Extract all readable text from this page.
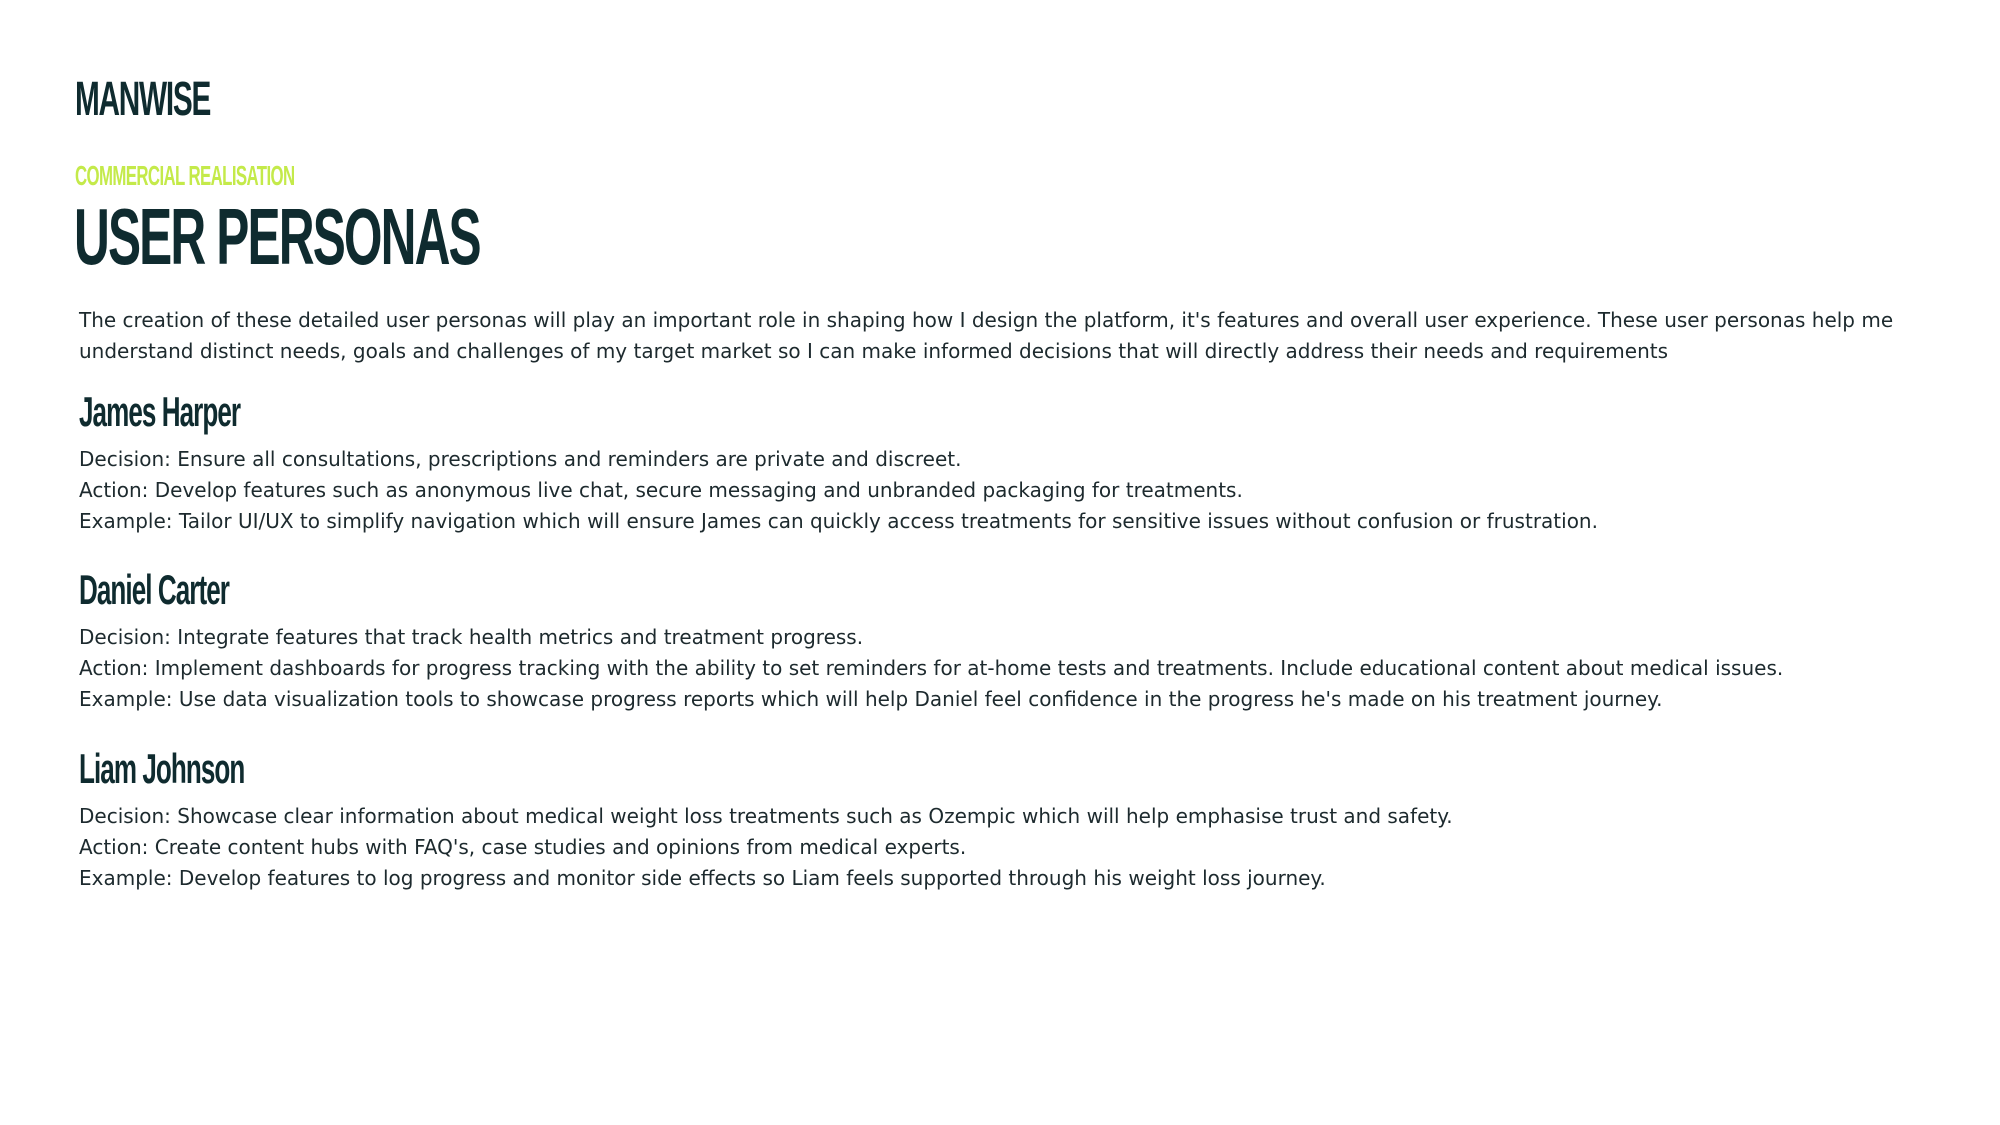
MANWISE
COMMERCIAL REALISATION
USER PERSONAS

The creation of these detailed user personas will play an important role in shaping how I design the platform, it's features and overall user experience. These user personas help me understand distinct needs, goals and challenges of my target market so I can make informed decisions that will directly address their needs and requirements

James Harper
Decision: Ensure all consultations, prescriptions and reminders are private and discreet.
Action: Develop features such as anonymous live chat, secure messaging and unbranded packaging for treatments.
Example: Tailor UI/UX to simplify navigation which will ensure James can quickly access treatments for sensitive issues without confusion or frustration.
Daniel Carter
Decision: Integrate features that track health metrics and treatment progress.
Action: Implement dashboards for progress tracking with the ability to set reminders for at-home tests and treatments. Include educational content about medical issues.
Example: Use data visualization tools to showcase progress reports which will help Daniel feel confidence in the progress he's made on his treatment journey.
Liam Johnson
Decision: Showcase clear information about medical weight loss treatments such as Ozempic which will help emphasise trust and safety.
Action: Create content hubs with FAQ's, case studies and opinions from medical experts.
Example: Develop features to log progress and monitor side effects so Liam feels supported through his weight loss journey.
